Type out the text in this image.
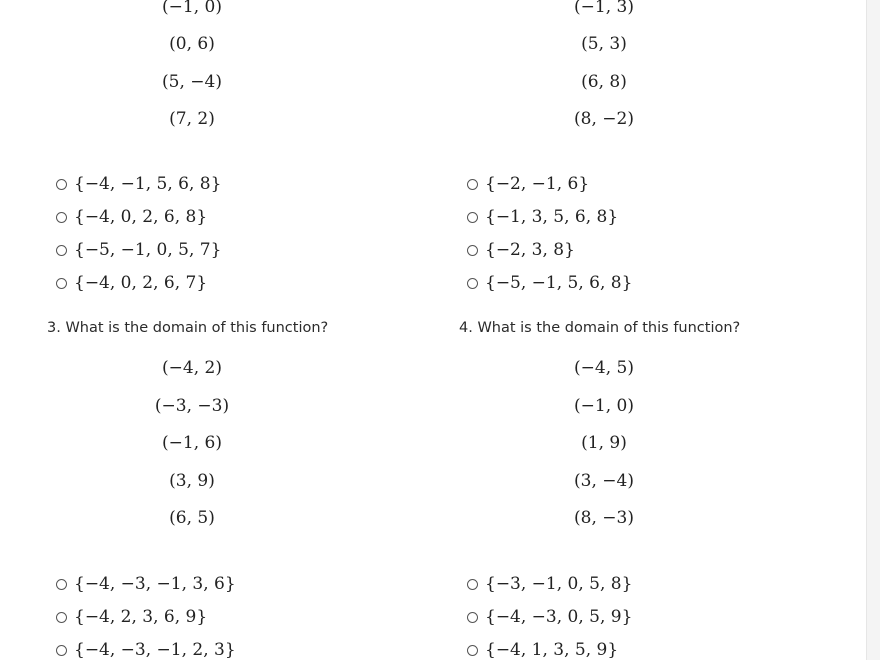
(−1, 0)
(0, 6)
(5, −4)
(7, 2)
{−4, −1, 5, 6, 8}
{−4, 0, 2, 6, 8}
{−5, −1, 0, 5, 7}
{−4, 0, 2, 6, 7}
3. What is the domain of this function?
(−4, 2)
(−3, −3)
(−1, 6)
(3, 9)
(6, 5)
{−4, −3, −1, 3, 6}
{−4, 2, 3, 6, 9}
{−4, −3, −1, 2, 3}
(−1, 3)
(5, 3)
(6, 8)
(8, −2)
{−2, −1, 6}
{−1, 3, 5, 6, 8}
{−2, 3, 8}
{−5, −1, 5, 6, 8}
4. What is the domain of this function?
(−4, 5)
(−1, 0)
(1, 9)
(3, −4)
(8, −3)
{−3, −1, 0, 5, 8}
{−4, −3, 0, 5, 9}
{−4, 1, 3, 5, 9}
